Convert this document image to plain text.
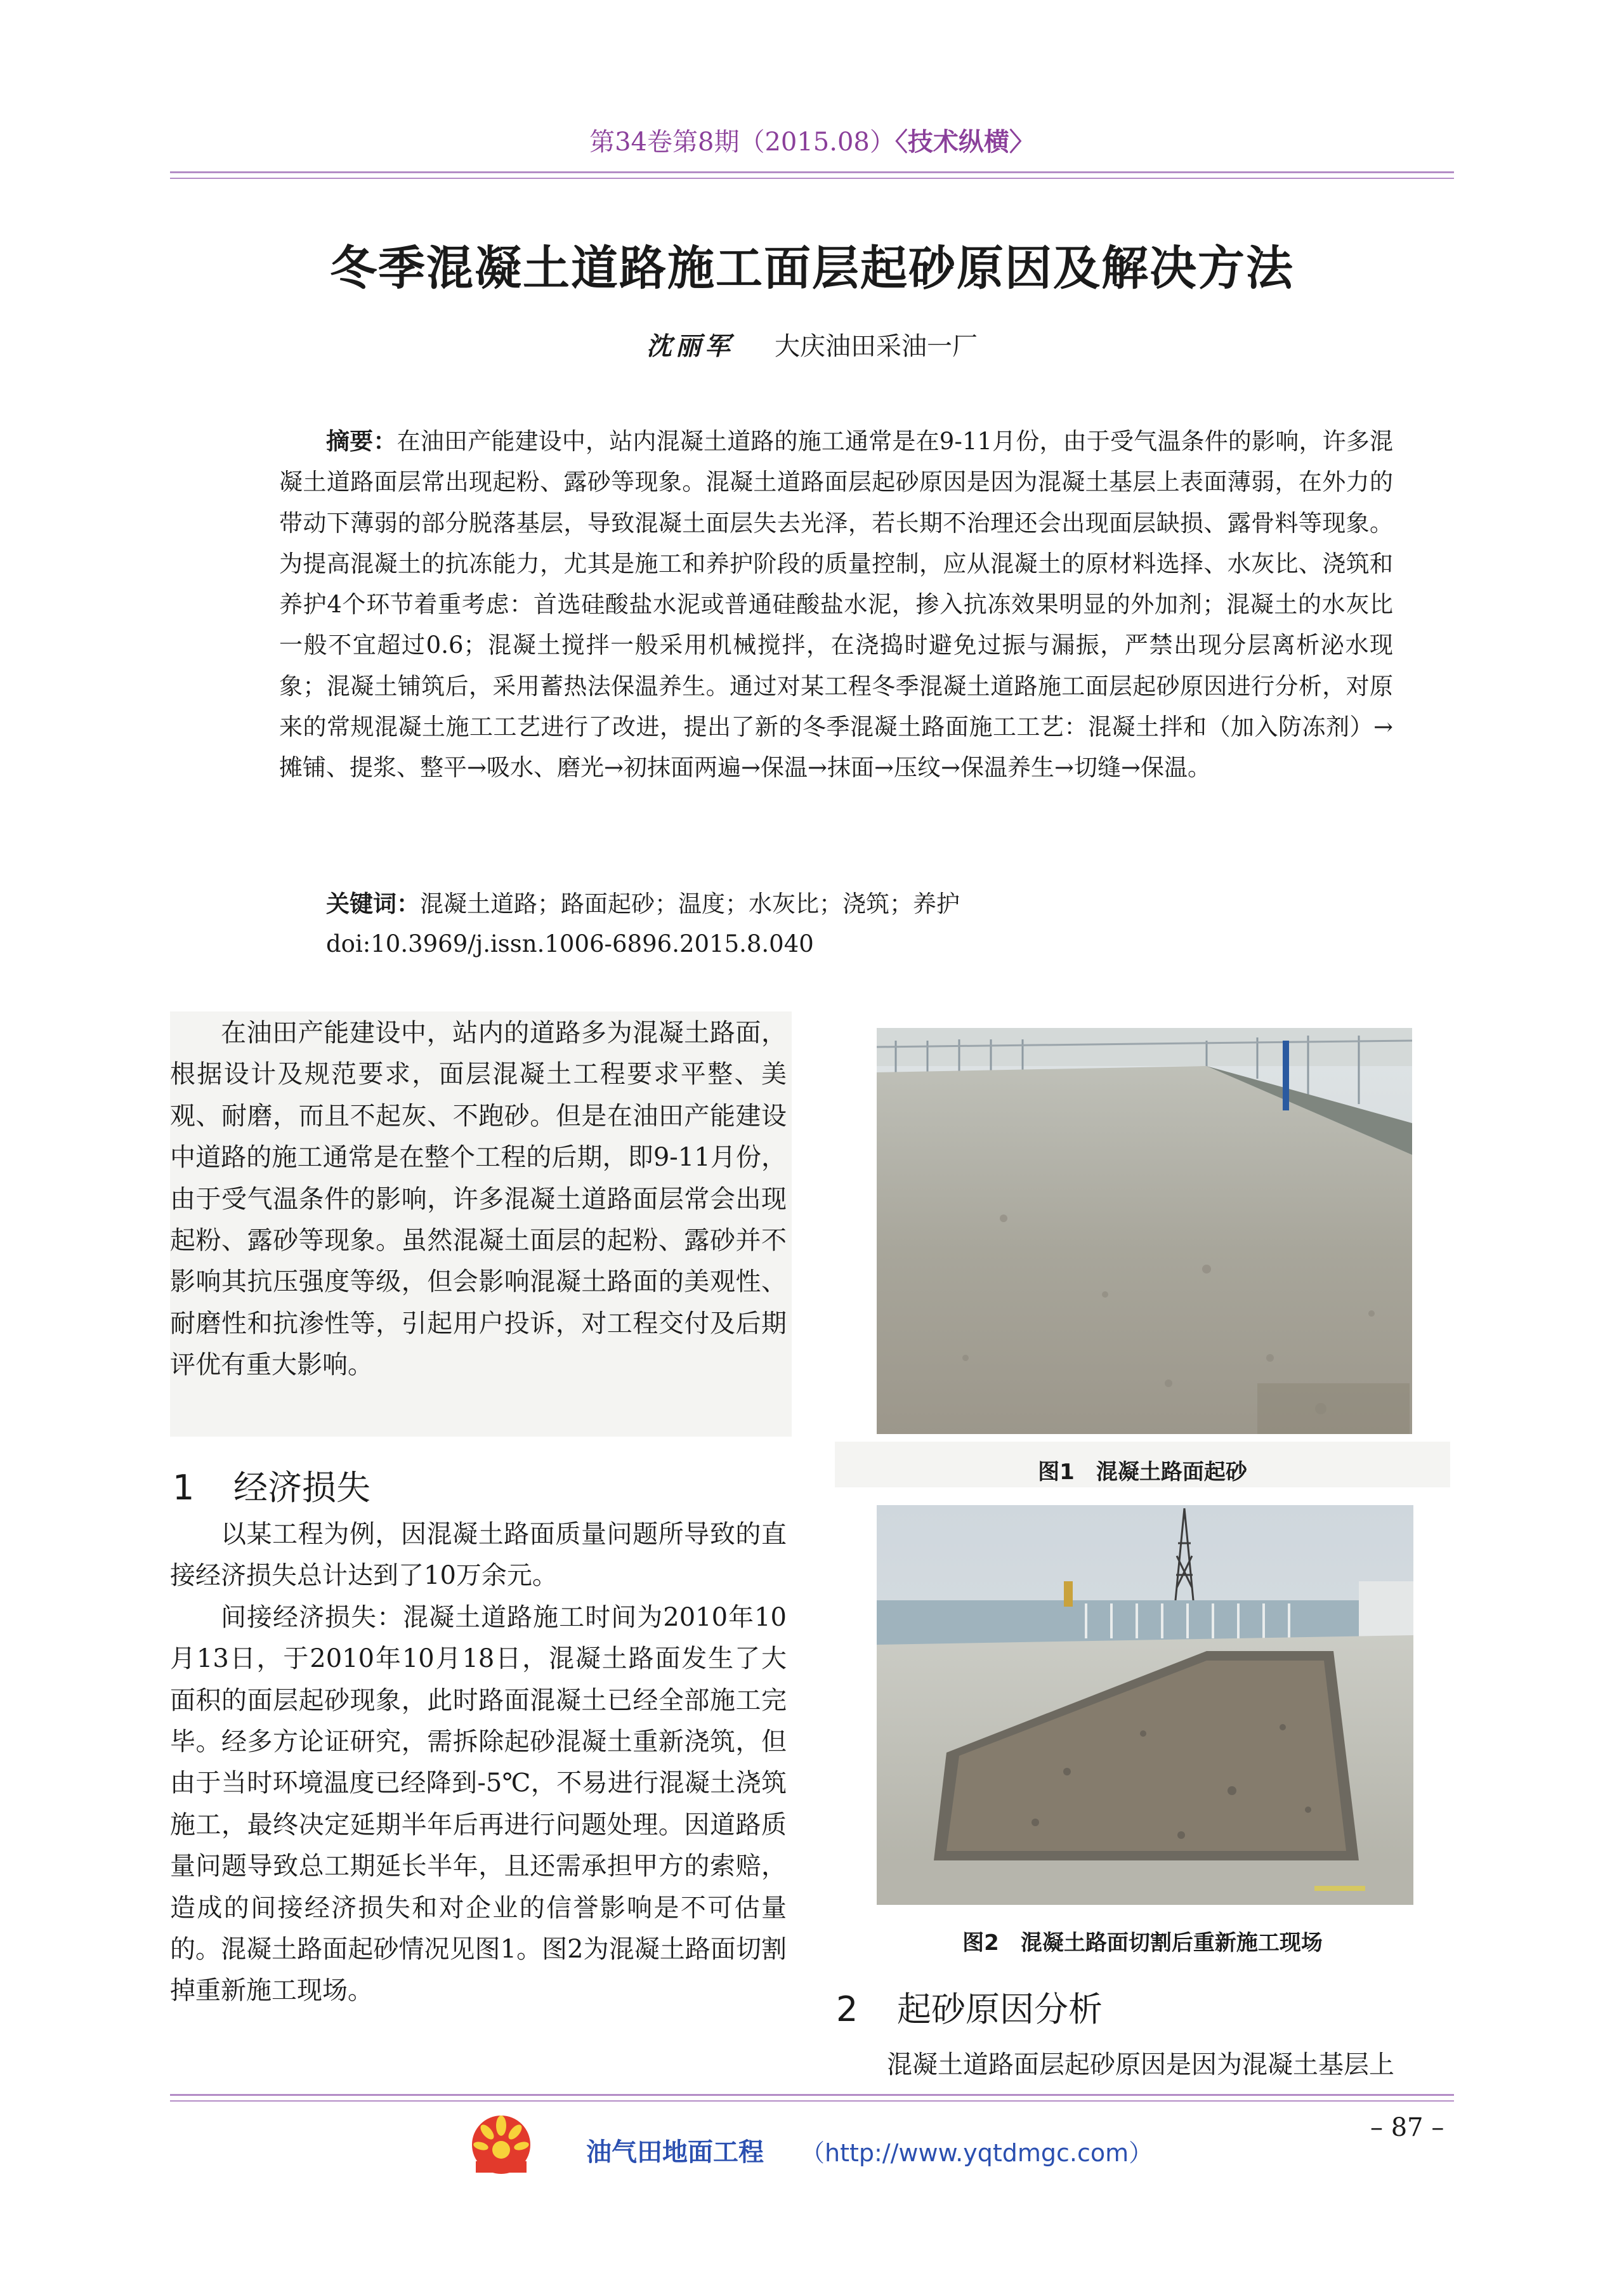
第34卷第8期（2015.08）〈技术纵横〉
冬季混凝土道路施工面层起砂原因及解决方法
沈丽军 大庆油田采油一厂
摘要：在油田产能建设中，站内混凝土道路的施工通常是在9-11月份，由于受气温条件的影响，许多混凝土道路面层常出现起粉、露砂等现象。混凝土道路面层起砂原因是因为混凝土基层上表面薄弱，在外力的带动下薄弱的部分脱落基层，导致混凝土面层失去光泽，若长期不治理还会出现面层缺损、露骨料等现象。为提高混凝土的抗冻能力，尤其是施工和养护阶段的质量控制，应从混凝土的原材料选择、水灰比、浇筑和养护4个环节着重考虑：首选硅酸盐水泥或普通硅酸盐水泥，掺入抗冻效果明显的外加剂；混凝土的水灰比一般不宜超过0.6；混凝土搅拌一般采用机械搅拌，在浇捣时避免过振与漏振，严禁出现分层离析泌水现象；混凝土铺筑后，采用蓄热法保温养生。通过对某工程冬季混凝土道路施工面层起砂原因进行分析，对原来的常规混凝土施工工艺进行了改进，提出了新的冬季混凝土路面施工工艺：混凝土拌和（加入防冻剂）→摊铺、提浆、整平→吸水、磨光→初抹面两遍→保温→抹面→压纹→保温养生→切缝→保温。
关键词：混凝土道路；路面起砂；温度；水灰比；浇筑；养护
doi:10.3969/j.issn.1006-6896.2015.8.040
在油田产能建设中，站内的道路多为混凝土路面，根据设计及规范要求，面层混凝土工程要求平整、美观、耐磨，而且不起灰、不跑砂。但是在油田产能建设中道路的施工通常是在整个工程的后期，即9-11月份，由于受气温条件的影响，许多混凝土道路面层常会出现起粉、露砂等现象。虽然混凝土面层的起粉、露砂并不影响其抗压强度等级，但会影响混凝土路面的美观性、耐磨性和抗渗性等，引起用户投诉，对工程交付及后期评优有重大影响。
1 经济损失
以某工程为例，因混凝土路面质量问题所导致的直接经济损失总计达到了10万余元。
间接经济损失：混凝土道路施工时间为2010年10月13日，于2010年10月18日，混凝土路面发生了大面积的面层起砂现象，此时路面混凝土已经全部施工完毕。经多方论证研究，需拆除起砂混凝土重新浇筑，但由于当时环境温度已经降到-5℃，不易进行混凝土浇筑施工，最终决定延期半年后再进行问题处理。因道路质量问题导致总工期延长半年，且还需承担甲方的索赔，造成的间接经济损失和对企业的信誉影响是不可估量的。混凝土路面起砂情况见图1。图2为混凝土路面切割掉重新施工现场。
图1　混凝土路面起砂
图2　混凝土路面切割后重新施工现场
2 起砂原因分析
混凝土道路面层起砂原因是因为混凝土基层上
油气田地面工程 （http://www.yqtdmgc.com）
– 87 –
